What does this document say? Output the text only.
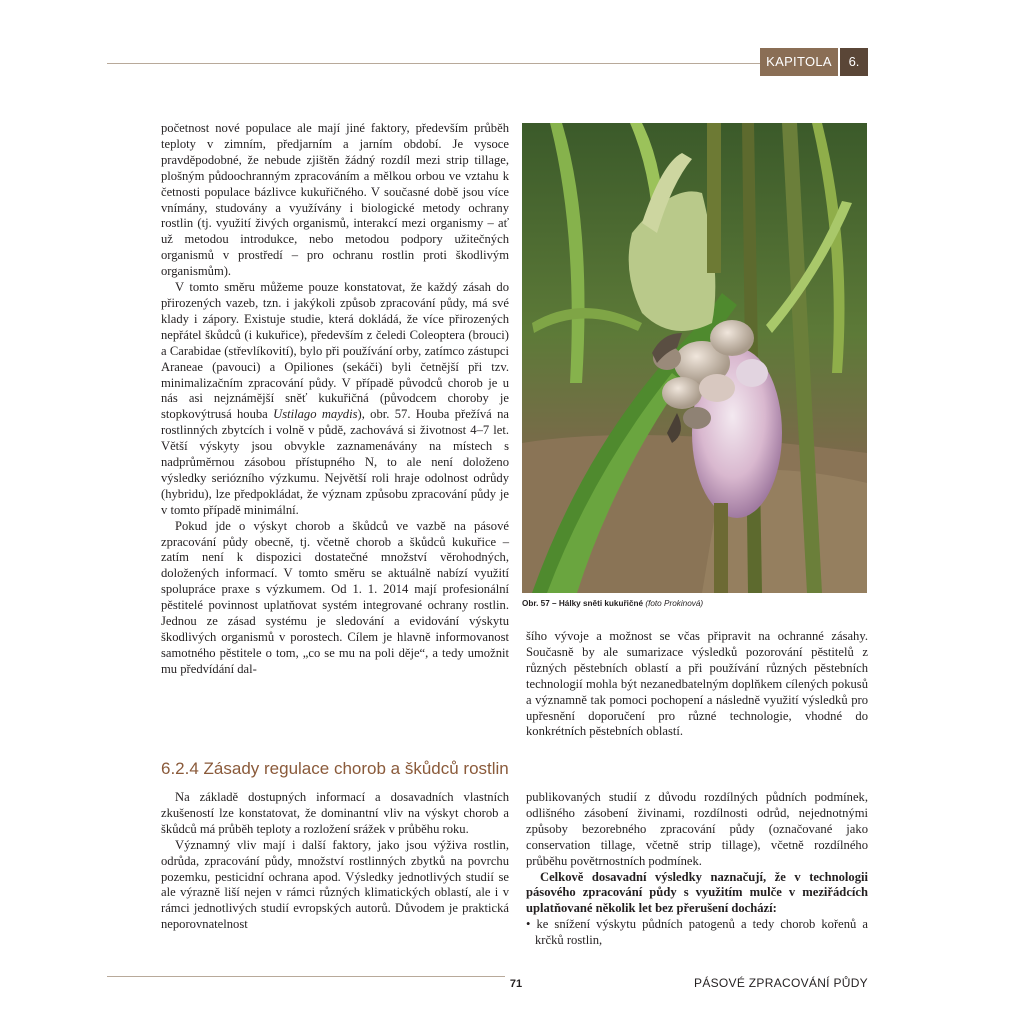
KAPITOLA	6.

početnost nové populace ale mají jiné faktory, především průběh teploty v zimním, předjarním a jarním období. Je vysoce pravděpodobné, že nebude zjištěn žádný rozdíl mezi strip tillage, plošným půdoochranným zpracováním a mělkou orbou ve vztahu k četnosti populace bázlivce kukuřičného. V současné době jsou více vnímány, studovány a využívány i biologické metody ochrany rostlin (tj. využití živých organismů, interakcí mezi organismy – ať už metodou introdukce, nebo metodou podpory užitečných organismů v prostředí – pro ochranu rostlin proti škodlivým organismům).

V tomto směru můžeme pouze konstatovat, že každý zásah do přirozených vazeb, tzn. i jakýkoli způsob zpracování půdy, má své klady i zápory. Existuje studie, která dokládá, že více přirozených nepřátel škůdců (i kukuřice), především z čeledi Coleoptera (brouci) a Carabidae (střevlíkovití), bylo při používání orby, zatímco zástupci Araneae (pavouci) a Opiliones (sekáči) byli četnější při tzv. minimalizačním zpracování půdy. V případě původců chorob je u nás asi nejznámější sněť kukuřičná (původcem choroby je stopkovýtrusá houba Ustilago maydis), obr. 57. Houba přežívá na rostlinných zbytcích i volně v půdě, zachovává si životnost 4–7 let. Větší výskyty jsou obvykle zaznamenávány na místech s nadprůměrnou zásobou přístupného N, to ale není doloženo výsledky seriózního výzkumu. Největší roli hraje odolnost odrůdy (hybridu), lze předpokládat, že význam způsobu zpracování půdy je v tomto případě minimální.

Pokud jde o výskyt chorob a škůdců ve vazbě na pásové zpracování půdy obecně, tj. včetně chorob a škůdců kukuřice – zatím není k dispozici dostatečné množství věrohodných, doložených informací. V tomto směru se aktuálně nabízí využití spolupráce praxe s výzkumem. Od 1. 1. 2014 mají profesionální pěstitelé povinnost uplatňovat systém integrované ochrany rostlin. Jednou ze zásad systému je sledování a evidování výskytu škodlivých organismů v porostech. Cílem je hlavně informovanost samotného pěstitele o tom, „co se mu na poli děje“, a tedy umožnit mu předvídání dal-

Obr. 57 – Hálky sněti kukuřičné (foto Prokinová)

šího vývoje a možnost se včas připravit na ochranné zásahy. Současně by ale sumarizace výsledků pozorování pěstitelů z různých pěstebních oblastí a při používání různých pěstebních technologií mohla být nezanedbatelným doplňkem cílených pokusů a významně tak pomoci pochopení a následně využití výsledků pro upřesnění doporučení pro různé technologie, vhodné do konkrétních pěstebních oblastí.

6.2.4 Zásady regulace chorob a škůdců rostlin

Na základě dostupných informací a dosavadních vlastních zkušeností lze konstatovat, že dominantní vliv na výskyt chorob a škůdců má průběh teploty a rozložení srážek v průběhu roku.

Významný vliv mají i další faktory, jako jsou výživa rostlin, odrůda, zpracování půdy, množství rostlinných zbytků na povrchu pozemku, pesticidní ochrana apod. Výsledky jednotlivých studií se ale výrazně liší nejen v rámci různých klimatických oblastí, ale i v rámci jednotlivých studií evropských autorů. Důvodem je praktická neporovnatelnost

publikovaných studií z důvodu rozdílných půdních podmínek, odlišného zásobení živinami, rozdílnosti odrůd, nejednotnými způsoby bezorebného zpracování půdy (označované jako conservation tillage, včetně strip tillage), včetně rozdílného průběhu povětrnostních podmínek.

Celkově dosavadní výsledky naznačují, že v technologii pásového zpracování půdy s využitím mulče v meziřádcích uplatňované několik let bez přerušení dochází:

• ke snížení výskytu půdních patogenů a tedy chorob kořenů a krčků rostlin,

71	PÁSOVÉ ZPRACOVÁNÍ PŮDY
